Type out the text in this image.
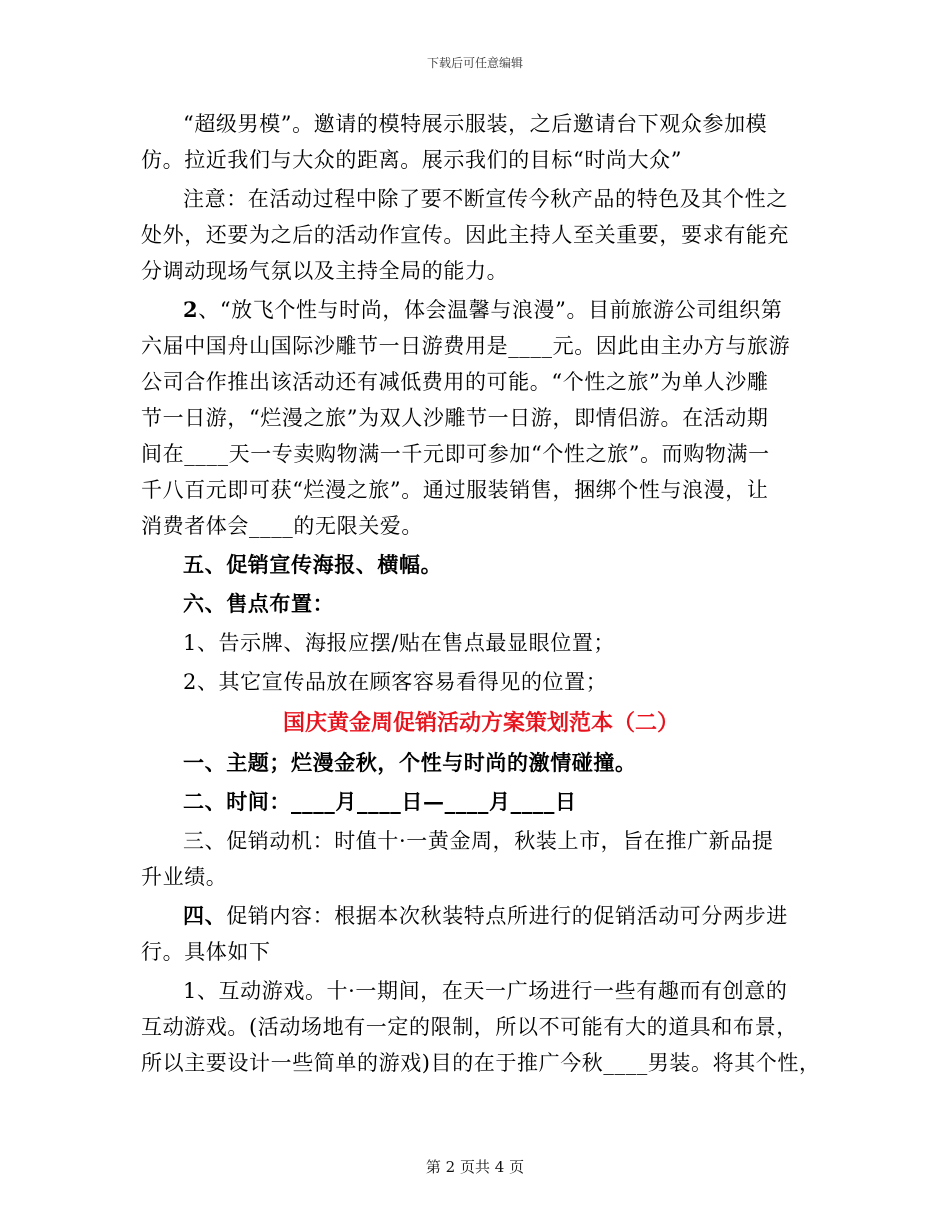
下载后可任意编辑
“超级男模”。邀请的模特展示服装，之后邀请台下观众参加模
仿。拉近我们与大众的距离。展示我们的目标“时尚大众”
注意：在活动过程中除了要不断宣传今秋产品的特色及其个性之
处外，还要为之后的活动作宣传。因此主持人至关重要，要求有能充
分调动现场气氛以及主持全局的能力。
2、“放飞个性与时尚，体会温馨与浪漫”。目前旅游公司组织第
六届中国舟山国际沙雕节一日游费用是____元。因此由主办方与旅游
公司合作推出该活动还有减低费用的可能。“个性之旅”为单人沙雕
节一日游，“烂漫之旅”为双人沙雕节一日游，即情侣游。在活动期
间在____天一专卖购物满一千元即可参加“个性之旅”。而购物满一
千八百元即可获“烂漫之旅”。通过服装销售，捆绑个性与浪漫，让
消费者体会____的无限关爱。
五、促销宣传海报、横幅。
六、售点布置：
1、告示牌、海报应摆/贴在售点最显眼位置；
2、其它宣传品放在顾客容易看得见的位置；
国庆黄金周促销活动方案策划范本（二）
一、主题；烂漫金秋，个性与时尚的激情碰撞。
二、时间：____月____日—____月____日
三、促销动机：时值十·一黄金周，秋装上市，旨在推广新品提
升业绩。
四、促销内容：根据本次秋装特点所进行的促销活动可分两步进
行。具体如下
1、互动游戏。十·一期间，在天一广场进行一些有趣而有创意的
互动游戏。(活动场地有一定的限制，所以不可能有大的道具和布景，
所以主要设计一些简单的游戏)目的在于推广今秋____男装。将其个性，
第 2 页共 4 页
